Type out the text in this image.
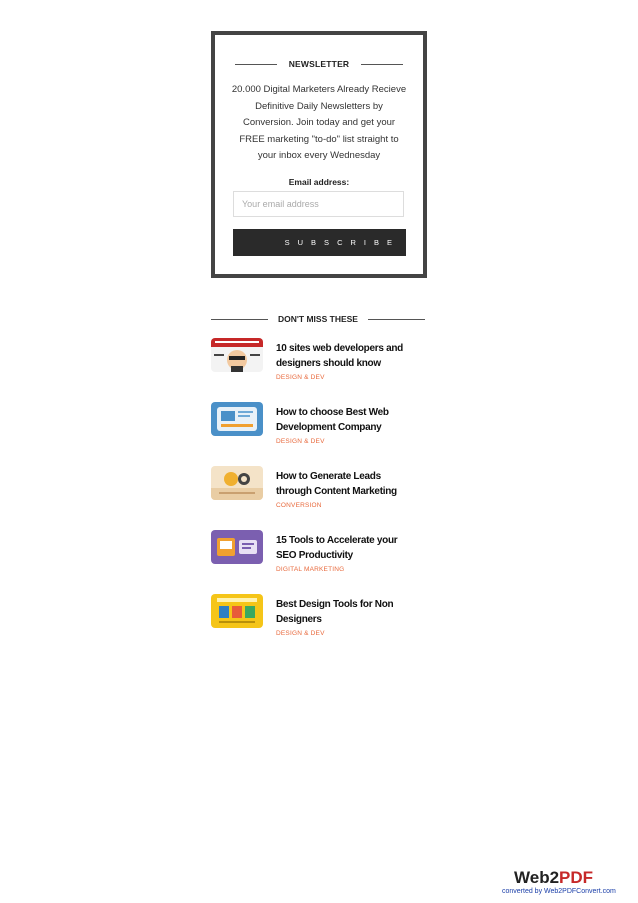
NEWSLETTER
20.000 Digital Marketers Already Recieve Definitive Daily Newsletters by Conversion. Join today and get your FREE marketing "to-do" list straight to your inbox every Wednesday
Email address:
Your email address
SUBSCRIBE
DON'T MISS THESE
10 sites web developers and designers should know
DESIGN & DEV
How to choose Best Web Development Company
DESIGN & DEV
How to Generate Leads through Content Marketing
CONVERSION
15 Tools to Accelerate your SEO Productivity
DIGITAL MARKETING
Best Design Tools for Non Designers
DESIGN & DEV
Web2PDF
converted by Web2PDFConvert.com
